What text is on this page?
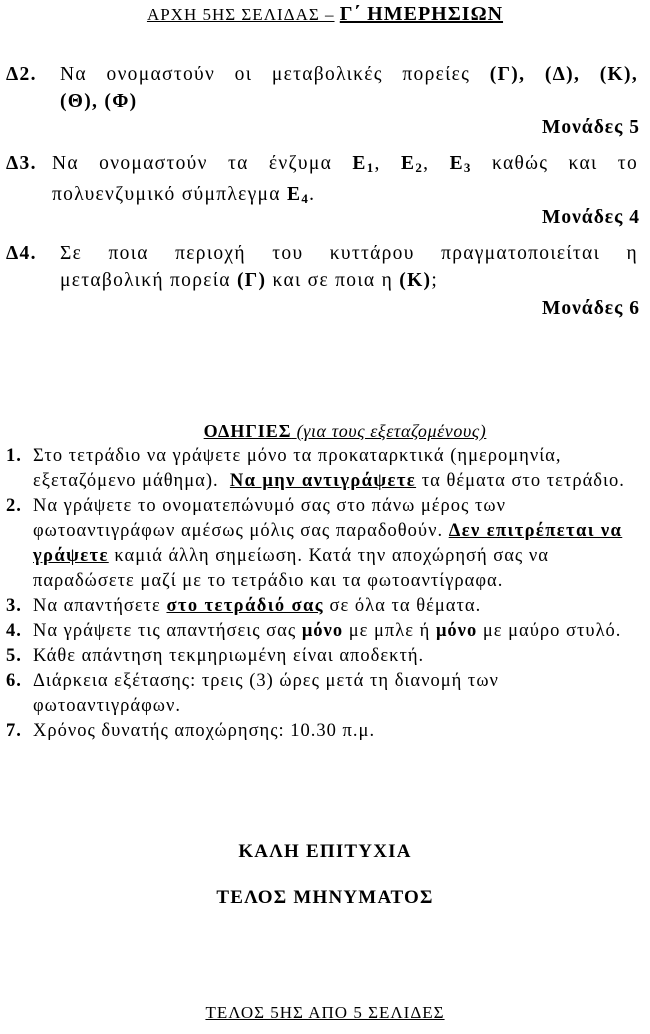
ΑΡΧΗ 5ΗΣ ΣΕΛΙΔΑΣ – Γ΄ ΗΜΕΡΗΣΙΩΝ
Δ2. Να ονομαστούν οι μεταβολικές πορείες (Γ), (Δ), (Κ),
(Θ), (Φ)
Μονάδες 5
Δ3. Να ονομαστούν τα ένζυμα $E_1$, $E_2$, $E_3$ καθώς και το
πολυενζυμικό σύμπλεγμα $E_4$.
Μονάδες 4
Δ4. Σε ποια περιοχή του κυττάρου πραγματοποιείται η
μεταβολική πορεία (Γ) και σε ποια η (Κ);
Μονάδες 6
ΟΔΗΓΙΕΣ (για τους εξεταζομένους)
1. Στο τετράδιο να γράψετε μόνο τα προκαταρκτικά (ημερομηνία, εξεταζόμενο μάθημα). Να μην αντιγράψετε τα θέματα στο τετράδιο.
2. Να γράψετε το ονοματεπώνυμό σας στο πάνω μέρος των φωτοαντιγράφων αμέσως μόλις σας παραδοθούν. Δεν επιτρέπεται να γράψετε καμιά άλλη σημείωση. Κατά την αποχώρησή σας να παραδώσετε μαζί με το τετράδιο και τα φωτοαντίγραφα.
3. Να απαντήσετε στο τετράδιό σας σε όλα τα θέματα.
4. Να γράψετε τις απαντήσεις σας μόνο με μπλε ή μόνο με μαύρο στυλό.
5. Κάθε απάντηση τεκμηριωμένη είναι αποδεκτή.
6. Διάρκεια εξέτασης: τρεις (3) ώρες μετά τη διανομή των φωτοαντιγράφων.
7. Χρόνος δυνατής αποχώρησης: 10.30 π.μ.
ΚΑΛΗ ΕΠΙΤΥΧΙΑ
ΤΕΛΟΣ ΜΗΝΥΜΑΤΟΣ
ΤΕΛΟΣ 5ΗΣ ΑΠΟ 5 ΣΕΛΙΔΕΣ
